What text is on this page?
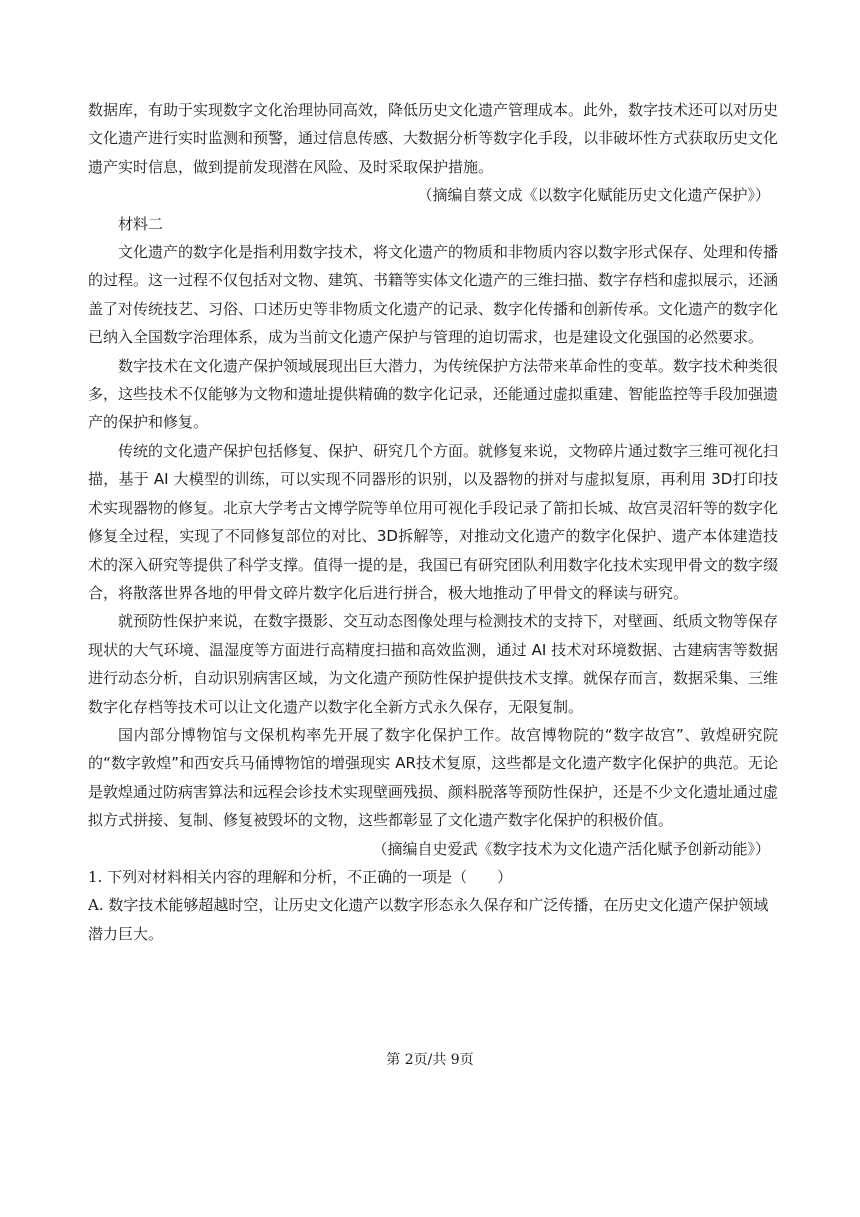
数据库，有助于实现数字文化治理协同高效，降低历史文化遗产管理成本。此外，数字技术还可以对历史文化遗产进行实时监测和预警，通过信息传感、大数据分析等数字化手段，以非破坏性方式获取历史文化遗产实时信息，做到提前发现潜在风险、及时采取保护措施。

（摘编自蔡文成《以数字化赋能历史文化遗产保护》）

材料二

文化遗产的数字化是指利用数字技术，将文化遗产的物质和非物质内容以数字形式保存、处理和传播的过程。这一过程不仅包括对文物、建筑、书籍等实体文化遗产的三维扫描、数字存档和虚拟展示，还涵盖了对传统技艺、习俗、口述历史等非物质文化遗产的记录、数字化传播和创新传承。文化遗产的数字化已纳入全国数字治理体系，成为当前文化遗产保护与管理的迫切需求，也是建设文化强国的必然要求。

数字技术在文化遗产保护领域展现出巨大潜力，为传统保护方法带来革命性的变革。数字技术种类很多，这些技术不仅能够为文物和遗址提供精确的数字化记录，还能通过虚拟重建、智能监控等手段加强遗产的保护和修复。

传统的文化遗产保护包括修复、保护、研究几个方面。就修复来说，文物碎片通过数字三维可视化扫描，基于 AI 大模型的训练，可以实现不同器形的识别，以及器物的拼对与虚拟复原，再利用 3D打印技术实现器物的修复。北京大学考古文博学院等单位用可视化手段记录了箭扣长城、故宫灵沼轩等的数字化修复全过程，实现了不同修复部位的对比、3D拆解等，对推动文化遗产的数字化保护、遗产本体建造技术的深入研究等提供了科学支撑。值得一提的是，我国已有研究团队利用数字化技术实现甲骨文的数字缀合，将散落世界各地的甲骨文碎片数字化后进行拼合，极大地推动了甲骨文的释读与研究。

就预防性保护来说，在数字摄影、交互动态图像处理与检测技术的支持下，对壁画、纸质文物等保存现状的大气环境、温湿度等方面进行高精度扫描和高效监测，通过 AI 技术对环境数据、古建病害等数据进行动态分析，自动识别病害区域，为文化遗产预防性保护提供技术支撑。就保存而言，数据采集、三维数字化存档等技术可以让文化遗产以数字化全新方式永久保存，无限复制。

国内部分博物馆与文保机构率先开展了数字化保护工作。故宫博物院的“数字故宫”、敦煌研究院的“数字敦煌”和西安兵马俑博物馆的增强现实 AR技术复原，这些都是文化遗产数字化保护的典范。无论是敦煌通过防病害算法和远程会诊技术实现壁画残损、颜料脱落等预防性保护，还是不少文化遗址通过虚拟方式拼接、复制、修复被毁坏的文物，这些都彰显了文化遗产数字化保护的积极价值。

（摘编自史爱武《数字技术为文化遗产活化赋予创新动能》）

1. 下列对材料相关内容的理解和分析，不正确的一项是（　　）

A. 数字技术能够超越时空，让历史文化遗产以数字形态永久保存和广泛传播，在历史文化遗产保护领域潜力巨大。

第 2页/共 9页
